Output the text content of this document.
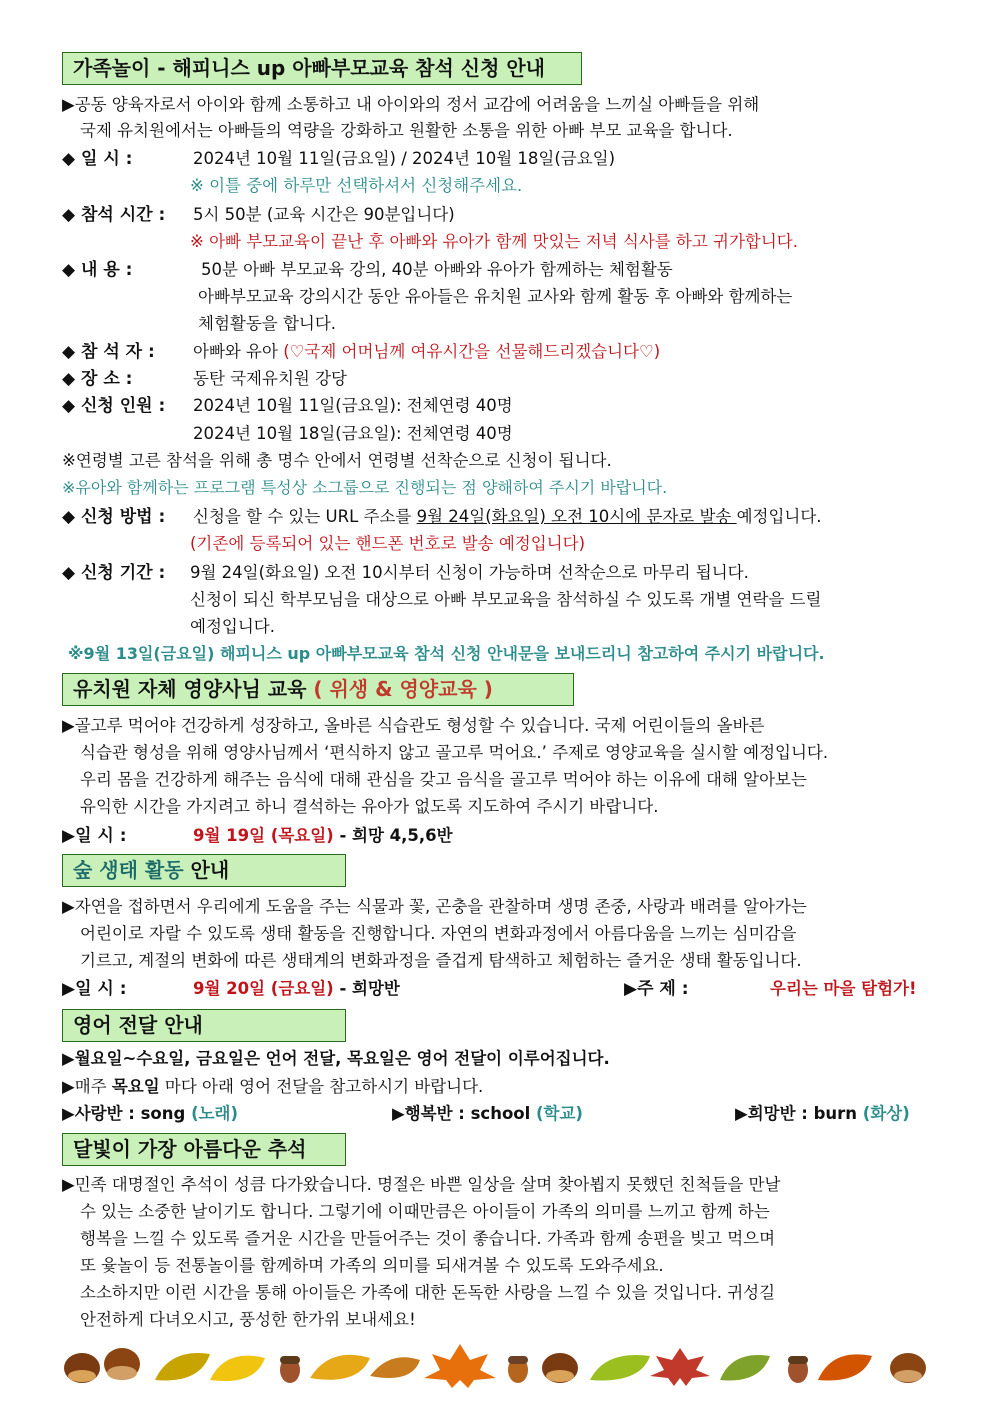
가족놀이 - 해피니스 up 아빠부모교육 참석 신청 안내
▶공동 양육자로서 아이와 함께 소통하고 내 아이와의 정서 교감에 어려움을 느끼실 아빠들을 위해
국제 유치원에서는 아빠들의 역량을 강화하고 원활한 소통을 위한 아빠 부모 교육을 합니다.
◆ 일 시 :	2024년 10월 11일(금요일) / 2024년 10월 18일(금요일)
※ 이틀 중에 하루만 선택하셔서 신청해주세요.
◆ 참석 시간 : 5시 50분 (교육 시간은 90분입니다)
※ 아빠 부모교육이 끝난 후 아빠와 유아가 함께 맛있는 저녁 식사를 하고 귀가합니다.
◆ 내 용 :	50분 아빠 부모교육 강의, 40분 아빠와 유아가 함께하는 체험활동
아빠부모교육 강의시간 동안 유아들은 유치원 교사와 함께 활동 후 아빠와 함께하는
체험활동을 합니다.
◆ 참 석 자 : 아빠와 유아 (♡국제 어머님께 여유시간을 선물해드리겠습니다♡)
◆ 장 소 :	동탄 국제유치원 강당
◆ 신청 인원 : 2024년 10월 11일(금요일): 전체연령 40명
2024년 10월 18일(금요일): 전체연령 40명
※연령별 고른 참석을 위해 총 명수 안에서 연령별 선착순으로 신청이 됩니다.
※유아와 함께하는 프로그램 특성상 소그룹으로 진행되는 점 양해하여 주시기 바랍니다.
◆ 신청 방법 : 신청을 할 수 있는 URL 주소를 9월 24일(화요일) 오전 10시에 문자로 발송 예정입니다.
(기존에 등록되어 있는 핸드폰 번호로 발송 예정입니다)
◆ 신청 기간 : 9월 24일(화요일) 오전 10시부터 신청이 가능하며 선착순으로 마무리 됩니다.
신청이 되신 학부모님을 대상으로 아빠 부모교육을 참석하실 수 있도록 개별 연락을 드릴
예정입니다.
※9월 13일(금요일) 해피니스 up 아빠부모교육 참석 신청 안내문을 보내드리니 참고하여 주시기 바랍니다.
유치원 자체 영양사님 교육 ( 위생 & 영양교육 )
▶골고루 먹어야 건강하게 성장하고, 올바른 식습관도 형성할 수 있습니다. 국제 어린이들의 올바른
식습관 형성을 위해 영양사님께서 ‘편식하지 않고 골고루 먹어요.’ 주제로 영양교육을 실시할 예정입니다.
우리 몸을 건강하게 해주는 음식에 대해 관심을 갖고 음식을 골고루 먹어야 하는 이유에 대해 알아보는
유익한 시간을 가지려고 하니 결석하는 유아가 없도록 지도하여 주시기 바랍니다.
▶일 시 :	9월 19일 (목요일) - 희망 4,5,6반
숲 생태 활동 안내
▶자연을 접하면서 우리에게 도움을 주는 식물과 꽃, 곤충을 관찰하며 생명 존중, 사랑과 배려를 알아가는
어린이로 자랄 수 있도록 생태 활동을 진행합니다. 자연의 변화과정에서 아름다움을 느끼는 심미감을
기르고, 계절의 변화에 따른 생태계의 변화과정을 즐겁게 탐색하고 체험하는 즐거운 생태 활동입니다.
▶일 시 :	9월 20일 (금요일) - 희망반	▶주 제 :	우리는 마을 탐험가!
영어 전달 안내
▶월요일~수요일, 금요일은 언어 전달, 목요일은 영어 전달이 이루어집니다.
▶매주 목요일 마다 아래 영어 전달을 참고하시기 바랍니다.
▶사랑반 : song (노래)	▶행복반 : school (학교)	▶희망반 : burn (화상)
달빛이 가장 아름다운 추석
▶민족 대명절인 추석이 성큼 다가왔습니다. 명절은 바쁜 일상을 살며 찾아뵙지 못했던 친척들을 만날
수 있는 소중한 날이기도 합니다. 그렇기에 이때만큼은 아이들이 가족의 의미를 느끼고 함께 하는
행복을 느낄 수 있도록 즐거운 시간을 만들어주는 것이 좋습니다. 가족과 함께 송편을 빚고 먹으며
또 윷놀이 등 전통놀이를 함께하며 가족의 의미를 되새겨볼 수 있도록 도와주세요.
소소하지만 이런 시간을 통해 아이들은 가족에 대한 돈독한 사랑을 느낄 수 있을 것입니다. 귀성길
안전하게 다녀오시고, 풍성한 한가위 보내세요!
